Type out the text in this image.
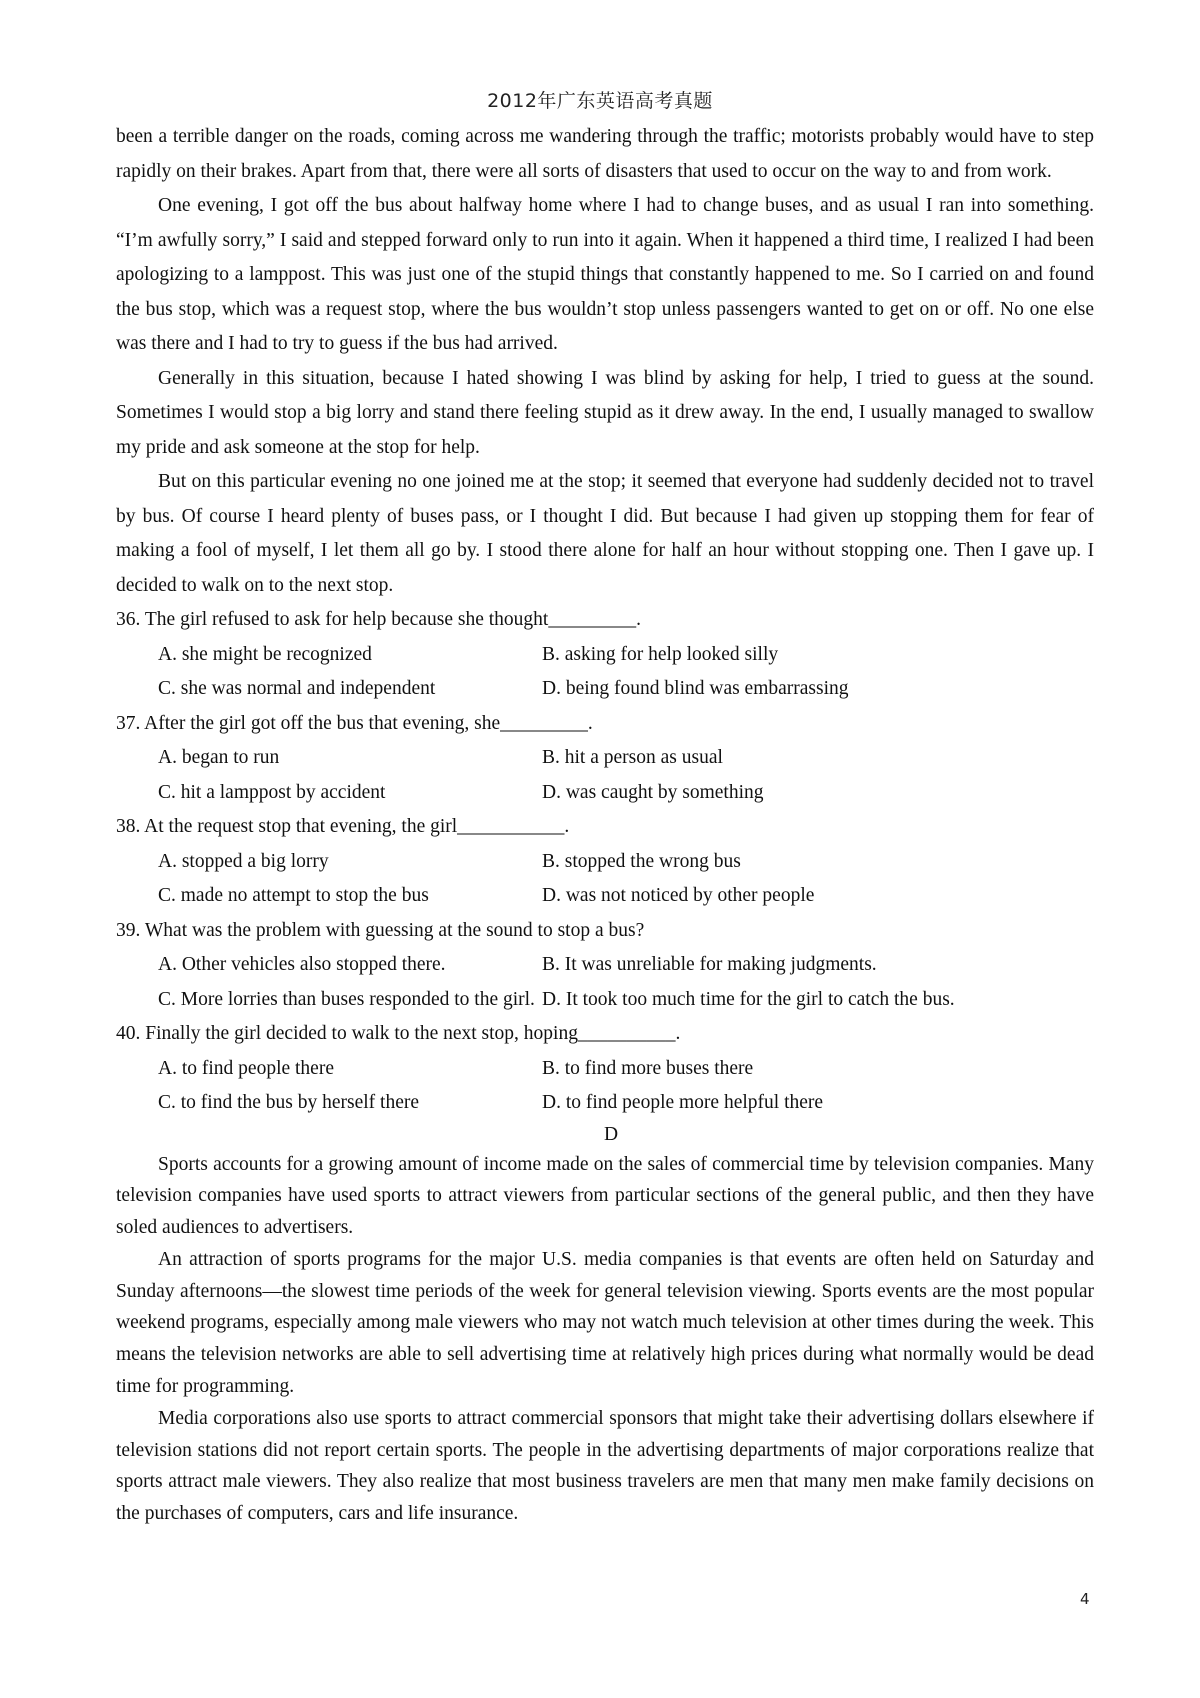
2012年广东英语高考真题

been a terrible danger on the roads, coming across me wandering through the traffic; motorists probably would have to step rapidly on their brakes. Apart from that, there were all sorts of disasters that used to occur on the way to and from work.

One evening, I got off the bus about halfway home where I had to change buses, and as usual I ran into something. “I’m awfully sorry,” I said and stepped forward only to run into it again. When it happened a third time, I realized I had been apologizing to a lamppost. This was just one of the stupid things that constantly happened to me. So I carried on and found the bus stop, which was a request stop, where the bus wouldn’t stop unless passengers wanted to get on or off. No one else was there and I had to try to guess if the bus had arrived.

Generally in this situation, because I hated showing I was blind by asking for help, I tried to guess at the sound. Sometimes I would stop a big lorry and stand there feeling stupid as it drew away. In the end, I usually managed to swallow my pride and ask someone at the stop for help.

But on this particular evening no one joined me at the stop; it seemed that everyone had suddenly decided not to travel by bus. Of course I heard plenty of buses pass, or I thought I did. But because I had given up stopping them for fear of making a fool of myself, I let them all go by. I stood there alone for half an hour without stopping one. Then I gave up. I decided to walk on to the next stop.

36. The girl refused to ask for help because she thought_________.

A. she might be recognized	B. asking for help looked silly
C. she was normal and independent	D. being found blind was embarrassing

37. After the girl got off the bus that evening, she_________.

A. began to run	B. hit a person as usual
C. hit a lamppost by accident	D. was caught by something

38. At the request stop that evening, the girl___________.

A. stopped a big lorry	B. stopped the wrong bus
C. made no attempt to stop the bus	D. was not noticed by other people

39. What was the problem with guessing at the sound to stop a bus?

A. Other vehicles also stopped there.	B. It was unreliable for making judgments.
C. More lorries than buses responded to the girl. D. It took too much time for the girl to catch the bus.

40. Finally the girl decided to walk to the next stop, hoping__________.

A. to find people there	B. to find more buses there
C. to find the bus by herself there	D. to find people more helpful there
D

Sports accounts for a growing amount of income made on the sales of commercial time by television companies. Many television companies have used sports to attract viewers from particular sections of the general public, and then they have soled audiences to advertisers.

An attraction of sports programs for the major U.S. media companies is that events are often held on Saturday and Sunday afternoons—the slowest time periods of the week for general television viewing. Sports events are the most popular weekend programs, especially among male viewers who may not watch much television at other times during the week. This means the television networks are able to sell advertising time at relatively high prices during what normally would be dead time for programming.

Media corporations also use sports to attract commercial sponsors that might take their advertising dollars elsewhere if television stations did not report certain sports. The people in the advertising departments of major corporations realize that sports attract male viewers. They also realize that most business travelers are men that many men make family decisions on the purchases of computers, cars and life insurance.

4
